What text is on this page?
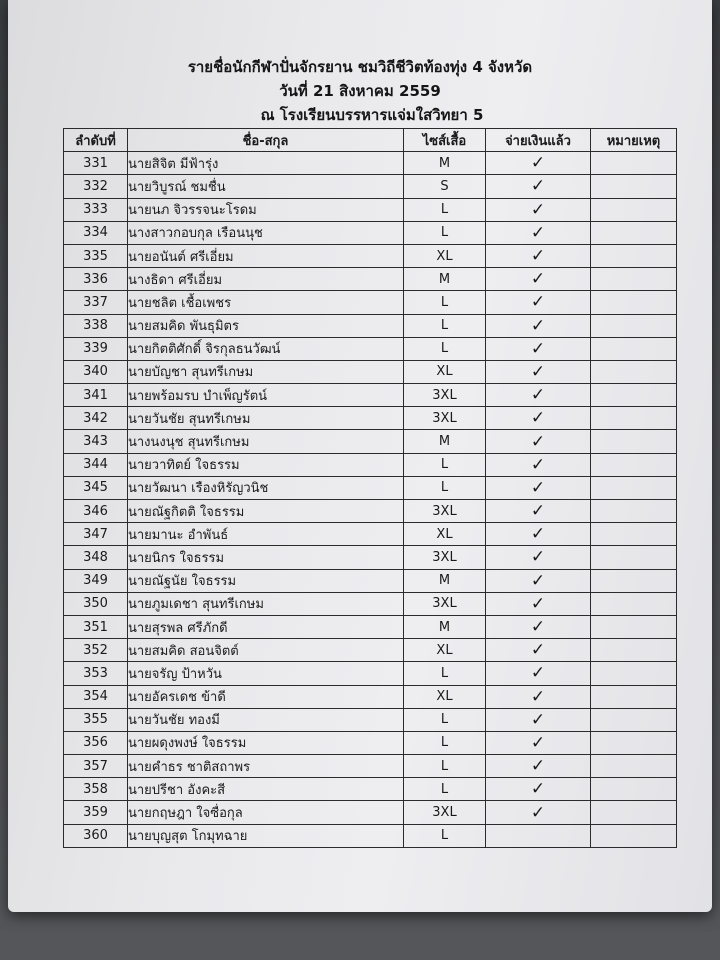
รายชื่อนักกีฬาปั่นจักรยาน ชมวิถีชีวิตท้องทุ่ง 4 จังหวัด
วันที่ 21 สิงหาคม 2559
ณ โรงเรียนบรรหารแจ่มใสวิทยา 5
ลำดับที่	ชื่อ-สกุล	ไซส์เสื้อ	จ่ายเงินแล้ว	หมายเหตุ
331	นายสิจิต มีฟ้ารุ่ง	M	✓	
332	นายวิบูรณ์ ชมชื่น	S	✓	
333	นายนภ จิวรรจนะโรดม	L	✓	
334	นางสาวกอบกุล เรือนนุช	L	✓	
335	นายอนันต์ ศรีเอี่ยม	XL	✓	
336	นางธิดา ศรีเอี่ยม	M	✓	
337	นายชลิต เชื้อเพชร	L	✓	
338	นายสมคิด พันธุมิตร	L	✓	
339	นายกิตติศักดิ์ จิรกุลธนวัฒน์	L	✓	
340	นายบัญชา สุนทรีเกษม	XL	✓	
341	นายพร้อมรบ บำเพ็ญรัตน์	3XL	✓	
342	นายวันชัย สุนทรีเกษม	3XL	✓	
343	นางนงนุช สุนทรีเกษม	M	✓	
344	นายวาทิตย์ ใจธรรม	L	✓	
345	นายวัฒนา เรืองหิรัญวนิช	L	✓	
346	นายณัฐกิตติ ใจธรรม	3XL	✓	
347	นายมานะ อำพันธ์	XL	✓	
348	นายนิกร ใจธรรม	3XL	✓	
349	นายณัฐนัย ใจธรรม	M	✓	
350	นายภูมเดชา สุนทรีเกษม	3XL	✓	
351	นายสุรพล ศรีภักดี	M	✓	
352	นายสมคิด สอนจิตต์	XL	✓	
353	นายจรัญ ป้าหวัน	L	✓	
354	นายอัครเดช ข้าดี	XL	✓	
355	นายวันชัย ทองมี	L	✓	
356	นายผดุงพงษ์ ใจธรรม	L	✓	
357	นายคำธร ชาติสถาพร	L	✓	
358	นายปรีชา อังคะสี	L	✓	
359	นายกฤษฎา ใจซื่อกุล	3XL	✓	
360	นายบุญสุต โกมุทฉาย	L		
